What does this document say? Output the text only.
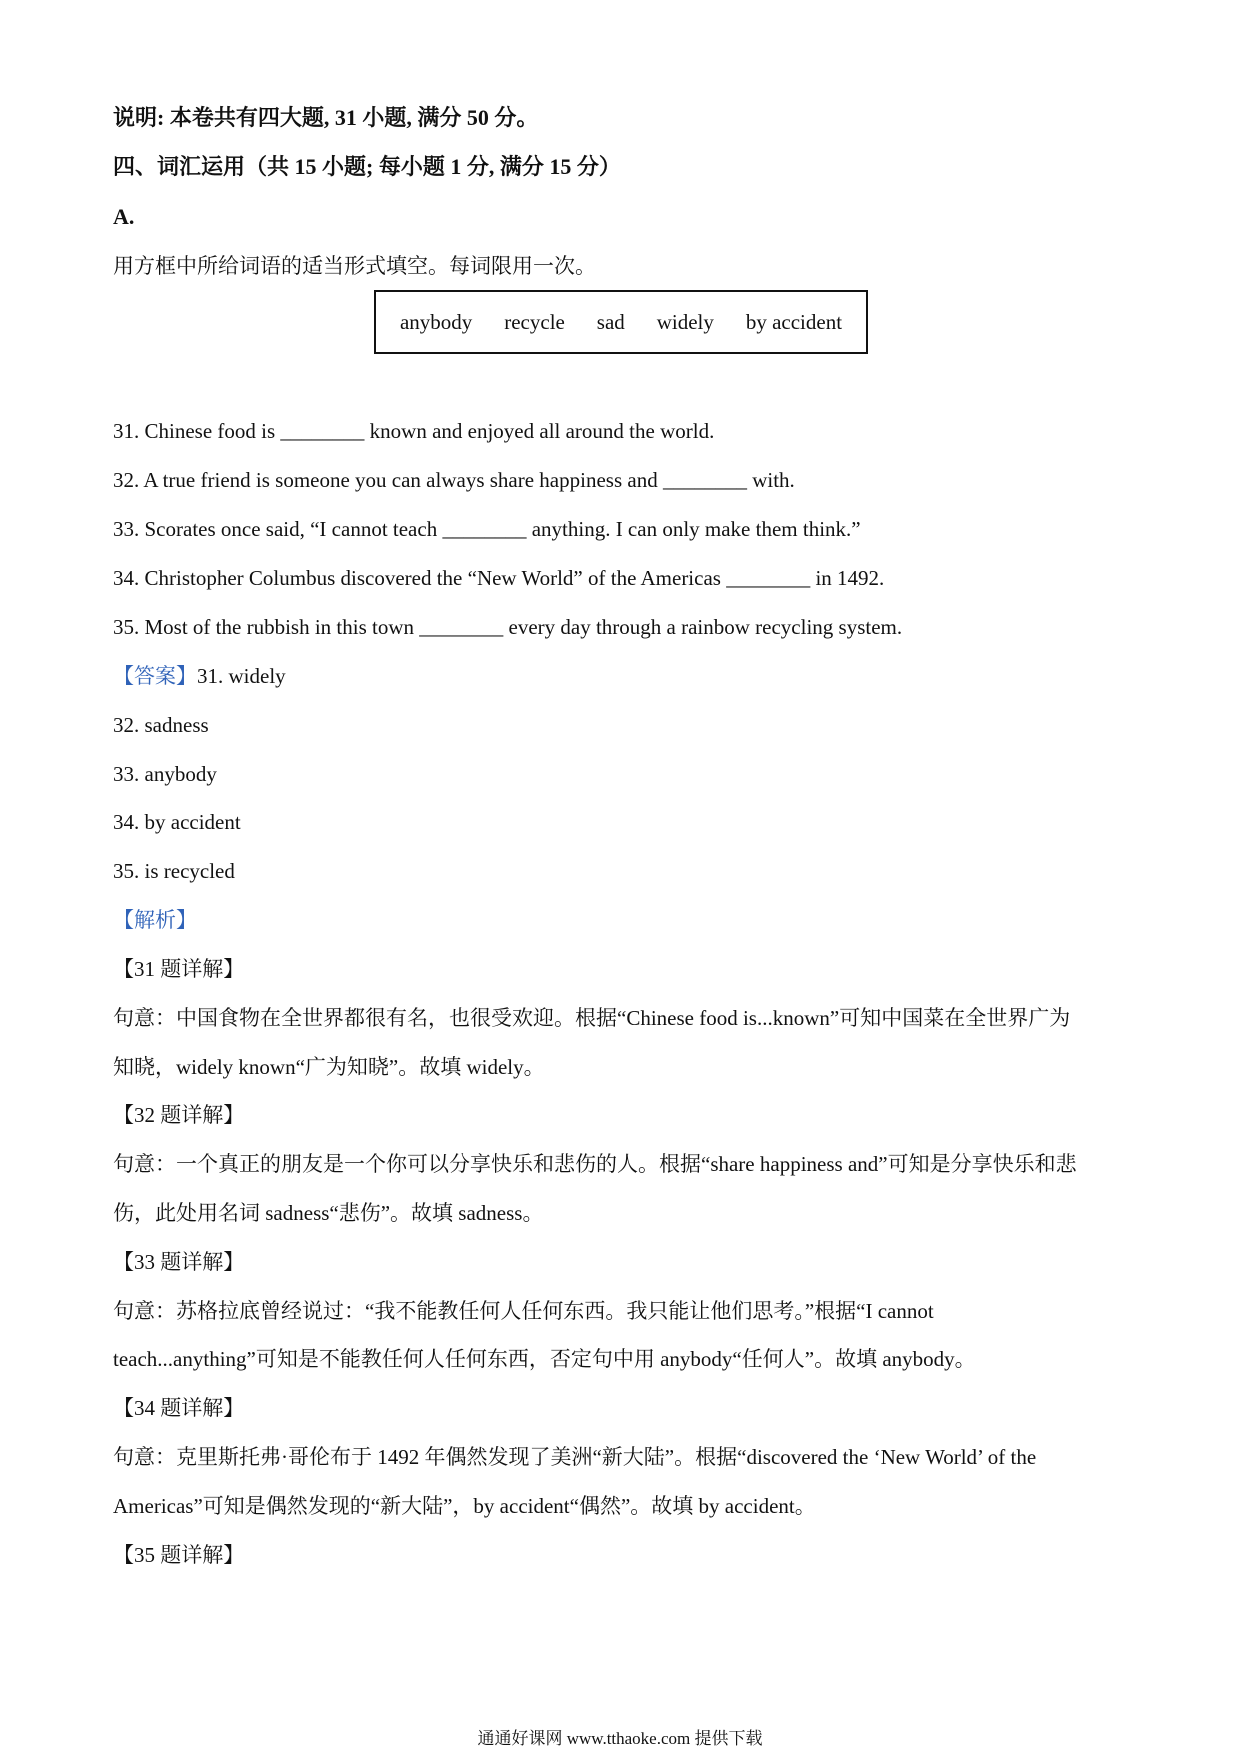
说明: 本卷共有四大题, 31 小题, 满分 50 分。
四、词汇运用（共 15 小题; 每小题 1 分, 满分 15 分）
A.
用方框中所给词语的适当形式填空。每词限用一次。
anybody recycle sad widely by accident
31. Chinese food is ________ known and enjoyed all around the world.
32. A true friend is someone you can always share happiness and ________ with.
33. Scorates once said, “I cannot teach ________ anything. I can only make them think.”
34. Christopher Columbus discovered the “New World” of the Americas ________ in 1492.
35. Most of the rubbish in this town ________ every day through a rainbow recycling system.
【答案】31. widely
32. sadness
33. anybody
34. by accident
35. is recycled
【解析】
【31 题详解】
句意：中国食物在全世界都很有名，也很受欢迎。根据“Chinese food is...known”可知中国菜在全世界广为
知晓，widely known“广为知晓”。故填 widely。
【32 题详解】
句意：一个真正的朋友是一个你可以分享快乐和悲伤的人。根据“share happiness and”可知是分享快乐和悲
伤，此处用名词 sadness“悲伤”。故填 sadness。
【33 题详解】
句意：苏格拉底曾经说过：“我不能教任何人任何东西。我只能让他们思考。”根据“I cannot
teach...anything”可知是不能教任何人任何东西，否定句中用 anybody“任何人”。故填 anybody。
【34 题详解】
句意：克里斯托弗·哥伦布于 1492 年偶然发现了美洲“新大陆”。根据“discovered the ‘New World’ of the
Americas”可知是偶然发现的“新大陆”，by accident“偶然”。故填 by accident。
【35 题详解】
通通好课网 www.tthaoke.com 提供下载
